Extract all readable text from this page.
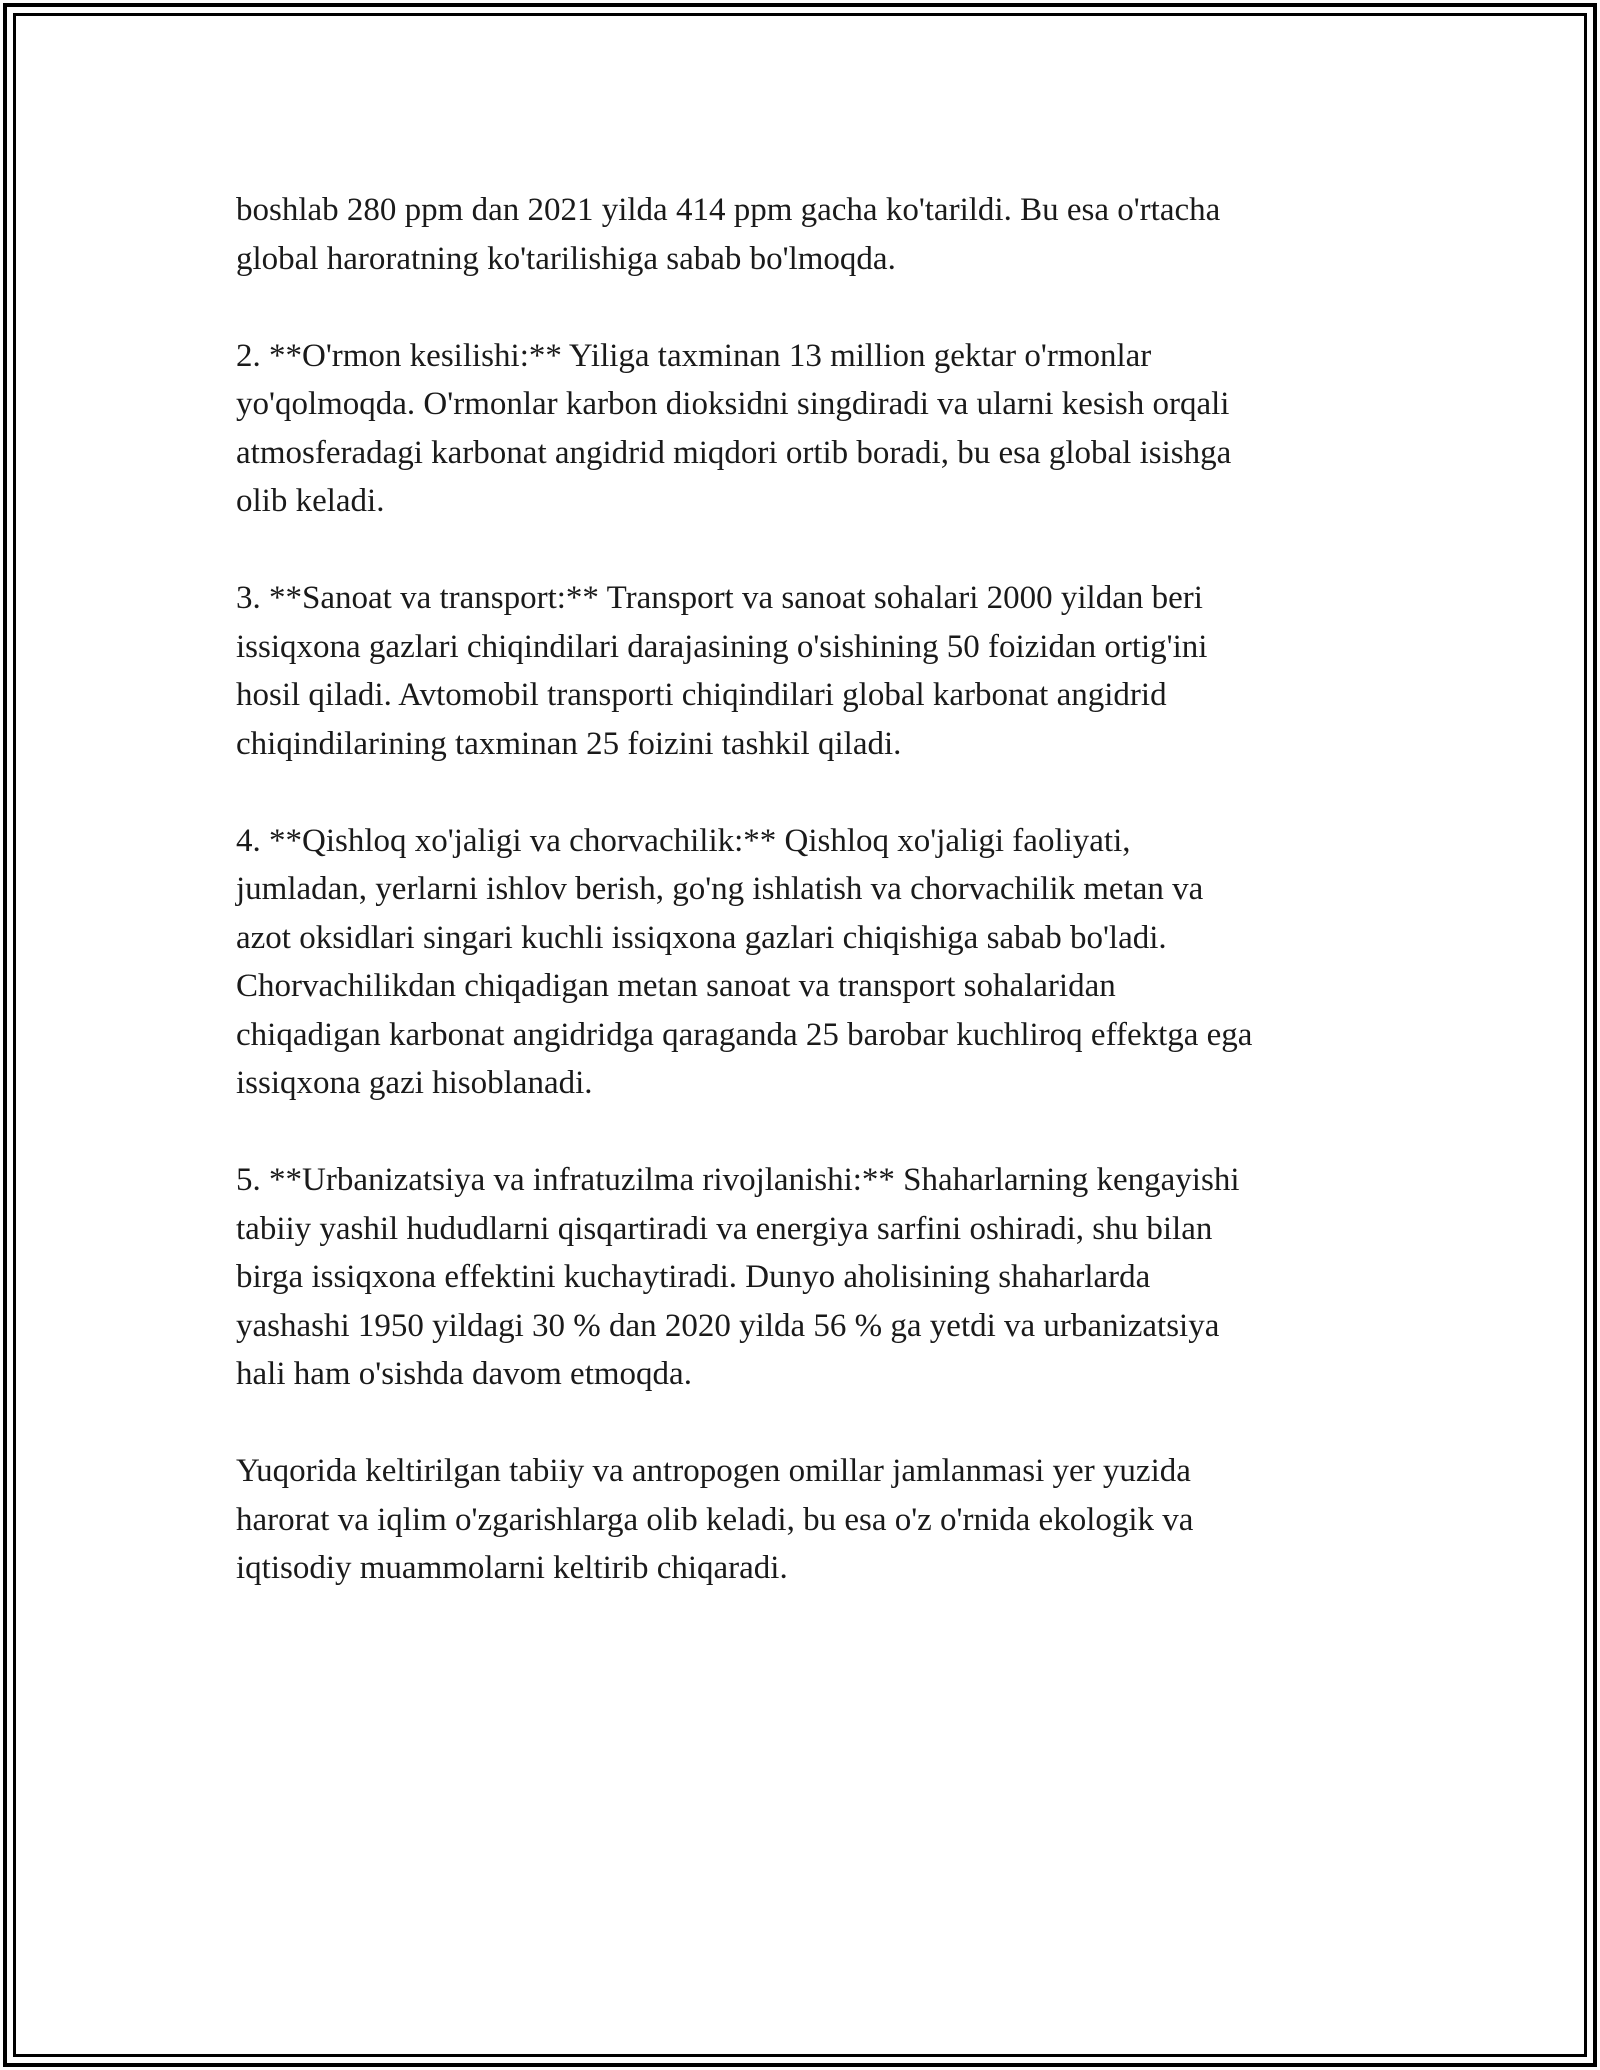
boshlab 280 ppm dan 2021 yilda 414 ppm gacha ko'tarildi. Bu esa o'rtacha
global haroratning ko'tarilishiga sabab bo'lmoqda.

2. **O'rmon kesilishi:** Yiliga taxminan 13 million gektar o'rmonlar
yo'qolmoqda. O'rmonlar karbon dioksidni singdiradi va ularni kesish orqali
atmosferadagi karbonat angidrid miqdori ortib boradi, bu esa global isishga
olib keladi.

3. **Sanoat va transport:** Transport va sanoat sohalari 2000 yildan beri
issiqxona gazlari chiqindilari darajasining o'sishining 50 foizidan ortig'ini
hosil qiladi. Avtomobil transporti chiqindilari global karbonat angidrid
chiqindilarining taxminan 25 foizini tashkil qiladi.

4. **Qishloq xo'jaligi va chorvachilik:** Qishloq xo'jaligi faoliyati,
jumladan, yerlarni ishlov berish, go'ng ishlatish va chorvachilik metan va
azot oksidlari singari kuchli issiqxona gazlari chiqishiga sabab bo'ladi.
Chorvachilikdan chiqadigan metan sanoat va transport sohalaridan
chiqadigan karbonat angidridga qaraganda 25 barobar kuchliroq effektga ega
issiqxona gazi hisoblanadi.

5. **Urbanizatsiya va infratuzilma rivojlanishi:** Shaharlarning kengayishi
tabiiy yashil hududlarni qisqartiradi va energiya sarfini oshiradi, shu bilan
birga issiqxona effektini kuchaytiradi. Dunyo aholisining shaharlarda
yashashi 1950 yildagi 30 % dan 2020 yilda 56 % ga yetdi va urbanizatsiya
hali ham o'sishda davom etmoqda.

Yuqorida keltirilgan tabiiy va antropogen omillar jamlanmasi yer yuzida
harorat va iqlim o'zgarishlarga olib keladi, bu esa o'z o'rnida ekologik va
iqtisodiy muammolarni keltirib chiqaradi.
